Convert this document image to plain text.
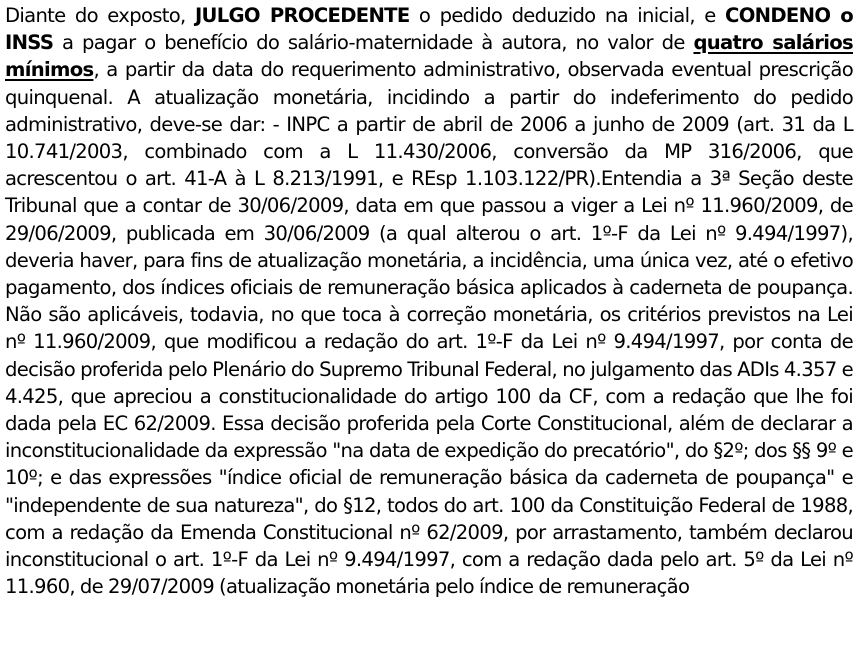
Diante do exposto, JULGO PROCEDENTE o pedido deduzido na inicial, e CONDENO o INSS a pagar o benefício do salário-maternidade à autora, no valor de quatro salários mínimos, a partir da data do requerimento administrativo, observada eventual prescrição quinquenal. A atualização monetária, incidindo a partir do indeferimento do pedido administrativo, deve-se dar: - INPC a partir de abril de 2006 a junho de 2009 (art. 31 da L 10.741/2003, combinado com a L 11.430/2006, conversão da MP 316/2006, que acrescentou o art. 41-A à L 8.213/1991, e REsp 1.103.122/PR).Entendia a 3ª Seção deste Tribunal que a contar de 30/06/2009, data em que passou a viger a Lei nº 11.960/2009, de 29/06/2009, publicada em 30/06/2009 (a qual alterou o art. 1º-F da Lei nº 9.494/1997), deveria haver, para fins de atualização monetária, a incidência, uma única vez, até o efetivo pagamento, dos índices oficiais de remuneração básica aplicados à caderneta de poupança. Não são aplicáveis, todavia, no que toca à correção monetária, os critérios previstos na Lei nº 11.960/2009, que modificou a redação do art. 1º-F da Lei nº 9.494/1997, por conta de decisão proferida pelo Plenário do Supremo Tribunal Federal, no julgamento das ADIs 4.357 e 4.425, que apreciou a constitucionalidade do artigo 100 da CF, com a redação que lhe foi dada pela EC 62/2009. Essa decisão proferida pela Corte Constitucional, além de declarar a inconstitucionalidade da expressão "na data de expedição do precatório", do §2º; dos §§ 9º e 10º; e das expressões "índice oficial de remuneração básica da caderneta de poupança" e "independente de sua natureza", do §12, todos do art. 100 da Constituição Federal de 1988, com a redação da Emenda Constitucional nº 62/2009, por arrastamento, também declarou inconstitucional o art. 1º-F da Lei nº 9.494/1997, com a redação dada pelo art. 5º da Lei nº 11.960, de 29/07/2009 (atualização monetária pelo índice de remuneração
